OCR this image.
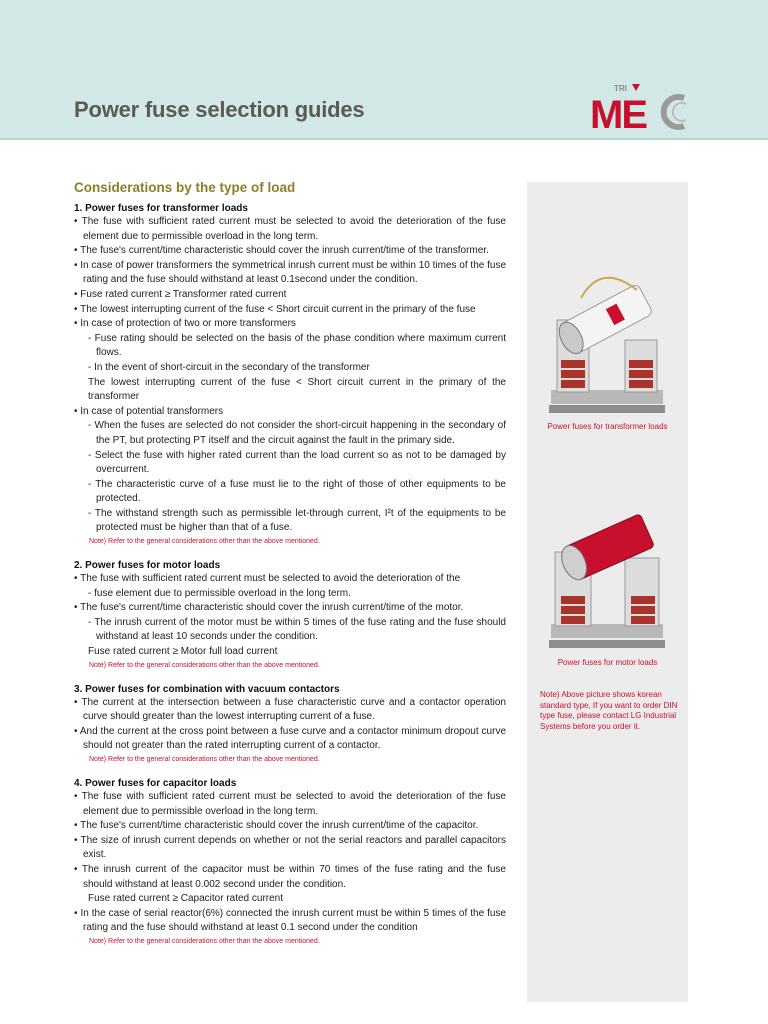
Power fuse selection guides
TRI
ME
Considerations by the type of load
1. Power fuses for transformer loads
• The fuse with sufficient rated current must be selected to avoid the deterioration of the fuse element due to permissible overload in the long term.
• The fuse's current/time characteristic should cover the inrush current/time of the transformer.
• In case of power transformers the symmetrical inrush current must be within 10 times of the fuse rating and the fuse should withstand at least 0.1second under the condition.
• Fuse rated current ≥ Transformer rated current
• The lowest interrupting current of the fuse < Short circuit current in the primary of the fuse
• In case of protection of two or more transformers
- Fuse rating should be selected on the basis of the phase condition where maximum current flows.
- In the event of short-circuit in the secondary of the transformer
The lowest interrupting current of the fuse < Short circuit current in the primary of the transformer
• In case of potential transformers
- When the fuses are selected do not consider the short-circuit happening in the secondary of the PT, but protecting PT itself and the circuit against the fault in the primary side.
- Select the fuse with higher rated current than the load current so as not to be damaged by overcurrent.
- The characteristic curve of a fuse must lie to the right of those of other equipments to be protected.
- The withstand strength such as permissible let-through current, I²t of the equipments to be protected must be higher than that of a fuse.
Note) Refer to the general considerations other than the above mentioned.
2. Power fuses for motor loads
• The fuse with sufficient rated current must be selected to avoid the deterioration of the
- fuse element due to permissible overload in the long term.
• The fuse's current/time characteristic should cover the inrush current/time of the motor.
- The inrush current of the motor must be within 5 times of the fuse rating and the fuse should withstand at least 10 seconds under the condition.
Fuse rated current ≥ Motor full load current
Note) Refer to the general considerations other than the above mentioned.
3. Power fuses for combination with vacuum contactors
• The current at the intersection between a fuse characteristic curve and a contactor operation curve should greater than the lowest interrupting current of a fuse.
• And the current at the cross point between a fuse curve and a contactor minimum dropout curve should not greater than the rated interrupting current of a contactor.
Note) Refer to the general considerations other than the above mentioned.
4. Power fuses for capacitor loads
• The fuse with sufficient rated current must be selected to avoid the deterioration of the fuse element due to permissible overload in the long term.
• The fuse's current/time characteristic should cover the inrush current/time of the capacitor.
• The size of inrush current depends on whether or not the serial reactors and parallel capacitors exist.
• The inrush current of the capacitor must be within 70 times of the fuse rating and the fuse should withstand at least 0.002 second under the condition.
Fuse rated current ≥ Capacitor rated current
• In the case of serial reactor(6%) connected the inrush current must be within 5 times of the fuse rating and the fuse should withstand at least 0.1 second under the condition
Note) Refer to the general considerations other than the above mentioned.
Power fuses for transformer loads
Power fuses for motor loads
Note) Above picture shows korean standard type, If you want to order DIN type fuse, please contact LG Industrial Systems before you order it.
